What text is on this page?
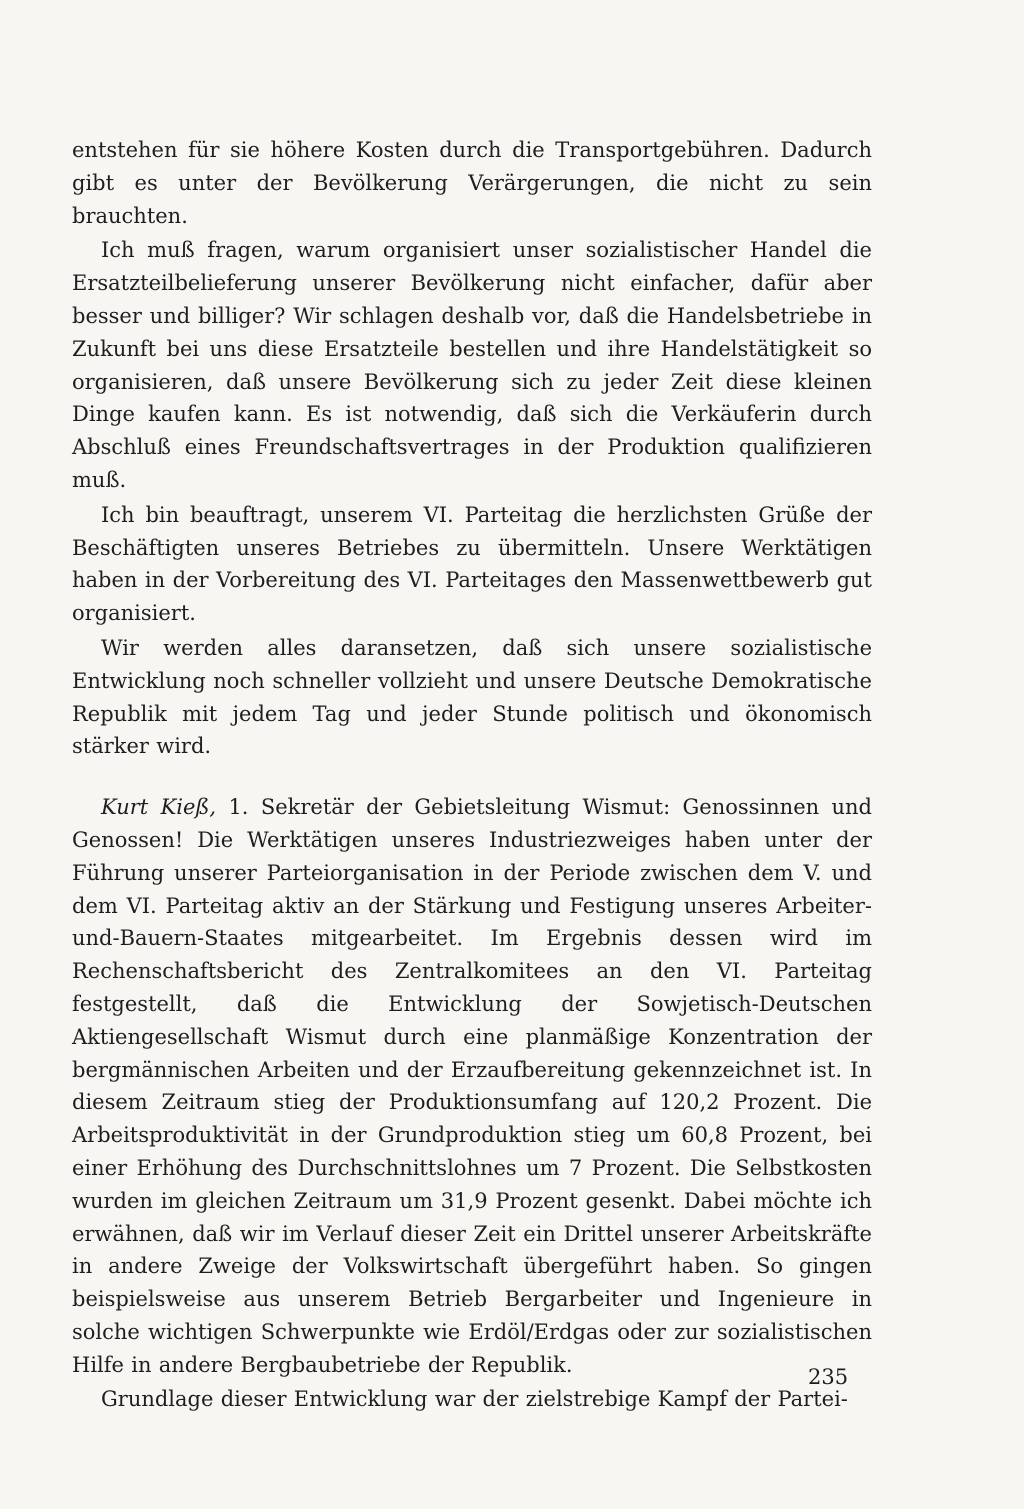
entstehen für sie höhere Kosten durch die Transportgebühren. Dadurch gibt es unter der Bevölkerung Verärgerungen, die nicht zu sein brauchten.

Ich muß fragen, warum organisiert unser sozialistischer Handel die Ersatzteilbelieferung unserer Bevölkerung nicht einfacher, dafür aber besser und billiger? Wir schlagen deshalb vor, daß die Handelsbetriebe in Zukunft bei uns diese Ersatzteile bestellen und ihre Handelstätigkeit so organisieren, daß unsere Bevölkerung sich zu jeder Zeit diese kleinen Dinge kaufen kann. Es ist notwendig, daß sich die Verkäuferin durch Abschluß eines Freundschaftsvertrages in der Produktion qualifizieren muß.

Ich bin beauftragt, unserem VI. Parteitag die herzlichsten Grüße der Beschäftigten unseres Betriebes zu übermitteln. Unsere Werktätigen haben in der Vorbereitung des VI. Parteitages den Massenwettbewerb gut organisiert.

Wir werden alles daransetzen, daß sich unsere sozialistische Entwicklung noch schneller vollzieht und unsere Deutsche Demokratische Republik mit jedem Tag und jeder Stunde politisch und ökonomisch stärker wird.

Kurt Kieß, 1. Sekretär der Gebietsleitung Wismut: Genossinnen und Genossen! Die Werktätigen unseres Industriezweiges haben unter der Führung unserer Parteiorganisation in der Periode zwischen dem V. und dem VI. Parteitag aktiv an der Stärkung und Festigung unseres Arbeiter-und-Bauern-Staates mitgearbeitet. Im Ergebnis dessen wird im Rechenschaftsbericht des Zentralkomitees an den VI. Parteitag festgestellt, daß die Entwicklung der Sowjetisch-Deutschen Aktiengesellschaft Wismut durch eine planmäßige Konzentration der bergmännischen Arbeiten und der Erzaufbereitung gekennzeichnet ist. In diesem Zeitraum stieg der Produktionsumfang auf 120,2 Prozent. Die Arbeitsproduktivität in der Grundproduktion stieg um 60,8 Prozent, bei einer Erhöhung des Durchschnittslohnes um 7 Prozent. Die Selbstkosten wurden im gleichen Zeitraum um 31,9 Prozent gesenkt. Dabei möchte ich erwähnen, daß wir im Verlauf dieser Zeit ein Drittel unserer Arbeitskräfte in andere Zweige der Volkswirtschaft übergeführt haben. So gingen beispielsweise aus unserem Betrieb Bergarbeiter und Ingenieure in solche wichtigen Schwerpunkte wie Erdöl/Erdgas oder zur sozialistischen Hilfe in andere Bergbaubetriebe der Republik.

Grundlage dieser Entwicklung war der zielstrebige Kampf der Partei-

235
